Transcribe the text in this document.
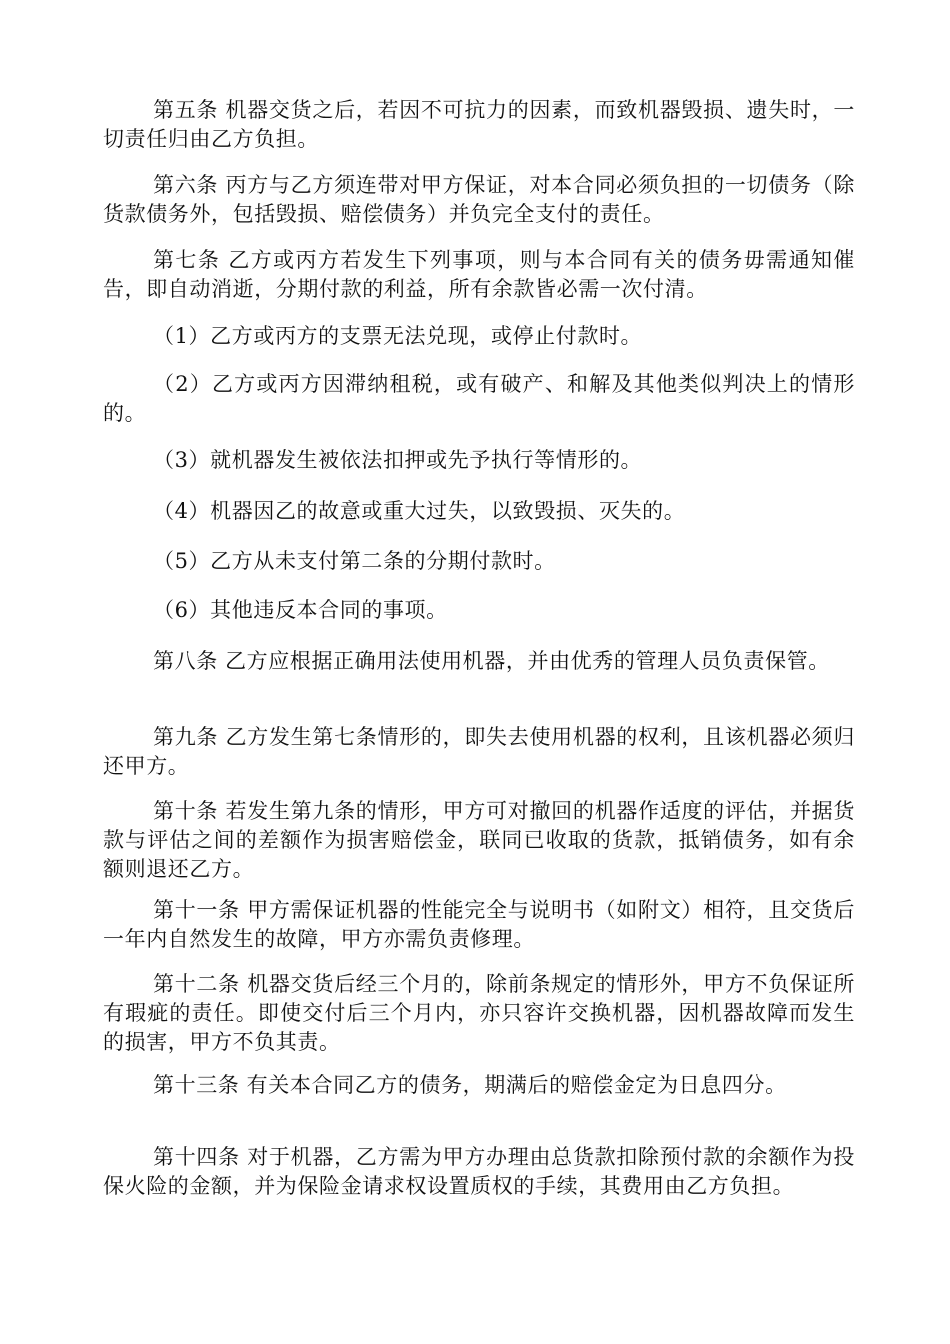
第五条 机器交货之后，若因不可抗力的因素，而致机器毁损、遗失时，一切责任归由乙方负担。

第六条 丙方与乙方须连带对甲方保证，对本合同必须负担的一切债务（除货款债务外，包括毁损、赔偿债务）并负完全支付的责任。

第七条 乙方或丙方若发生下列事项，则与本合同有关的债务毋需通知催告，即自动消逝，分期付款的利益，所有余款皆必需一次付清。

（1）乙方或丙方的支票无法兑现，或停止付款时。

（2）乙方或丙方因滞纳租税，或有破产、和解及其他类似判决上的情形的。

（3）就机器发生被依法扣押或先予执行等情形的。

（4）机器因乙的故意或重大过失，以致毁损、灭失的。

（5）乙方从未支付第二条的分期付款时。

（6）其他违反本合同的事项。

第八条 乙方应根据正确用法使用机器，并由优秀的管理人员负责保管。

第九条 乙方发生第七条情形的，即失去使用机器的权利，且该机器必须归还甲方。

第十条 若发生第九条的情形，甲方可对撤回的机器作适度的评估，并据货款与评估之间的差额作为损害赔偿金，联同已收取的货款，抵销债务，如有余额则退还乙方。

第十一条 甲方需保证机器的性能完全与说明书（如附文）相符，且交货后一年内自然发生的故障，甲方亦需负责修理。

第十二条 机器交货后经三个月的，除前条规定的情形外，甲方不负保证所有瑕疵的责任。即使交付后三个月内，亦只容许交换机器，因机器故障而发生的损害，甲方不负其责。

第十三条 有关本合同乙方的债务，期满后的赔偿金定为日息四分。

第十四条 对于机器，乙方需为甲方办理由总货款扣除预付款的余额作为投保火险的金额，并为保险金请求权设置质权的手续，其费用由乙方负担。
